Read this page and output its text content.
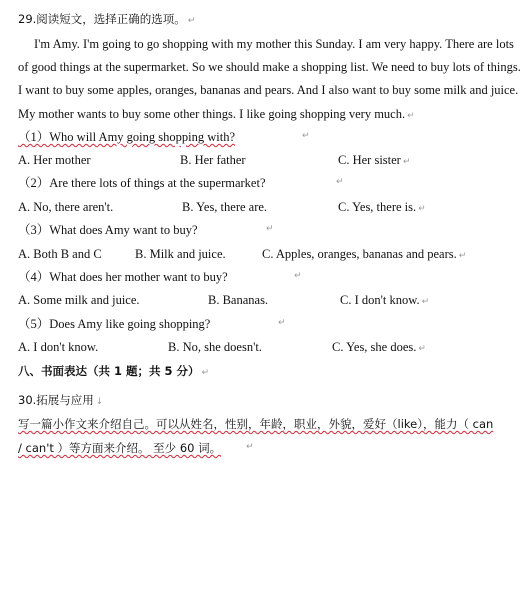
29.阅读短文，选择正确的选项。 ↵
I'm Amy. I'm going to go shopping with my mother this Sunday. I am very happy. There are lots
of good things at the supermarket. So we should make a shopping list. We need to buy lots of things.
I want to buy some apples, oranges, bananas and pears. And I also want to buy some milk and juice.
My mother wants to buy some other things. I like going shopping very much. ↵
（1）Who will Amy going shopping with?	↵
A. Her mother	B. Her father	C. Her sister ↵
（2）Are there lots of things at the supermarket?	↵
A. No, there aren't.	B. Yes, there are.	C. Yes, there is. ↵
（3）What does Amy want to buy?	↵
A. Both B and C	B. Milk and juice.	C. Apples, oranges, bananas and pears. ↵
（4）What does her mother want to buy?	↵
A. Some milk and juice.	B. Bananas.	C. I don't know. ↵
（5）Does Amy like going shopping?	↵
A. I don't know.	B. No, she doesn't.	C. Yes, she does. ↵
八、书面表达（共 1 题；共 5 分） ↵
30.拓展与应用 ↓
写一篇小作文来介绍自己。可以从姓名，性别，年龄，职业，外貌，爱好（like），能力（ can
/ can't ）等方面来介绍。 至少 60 词。	↵
